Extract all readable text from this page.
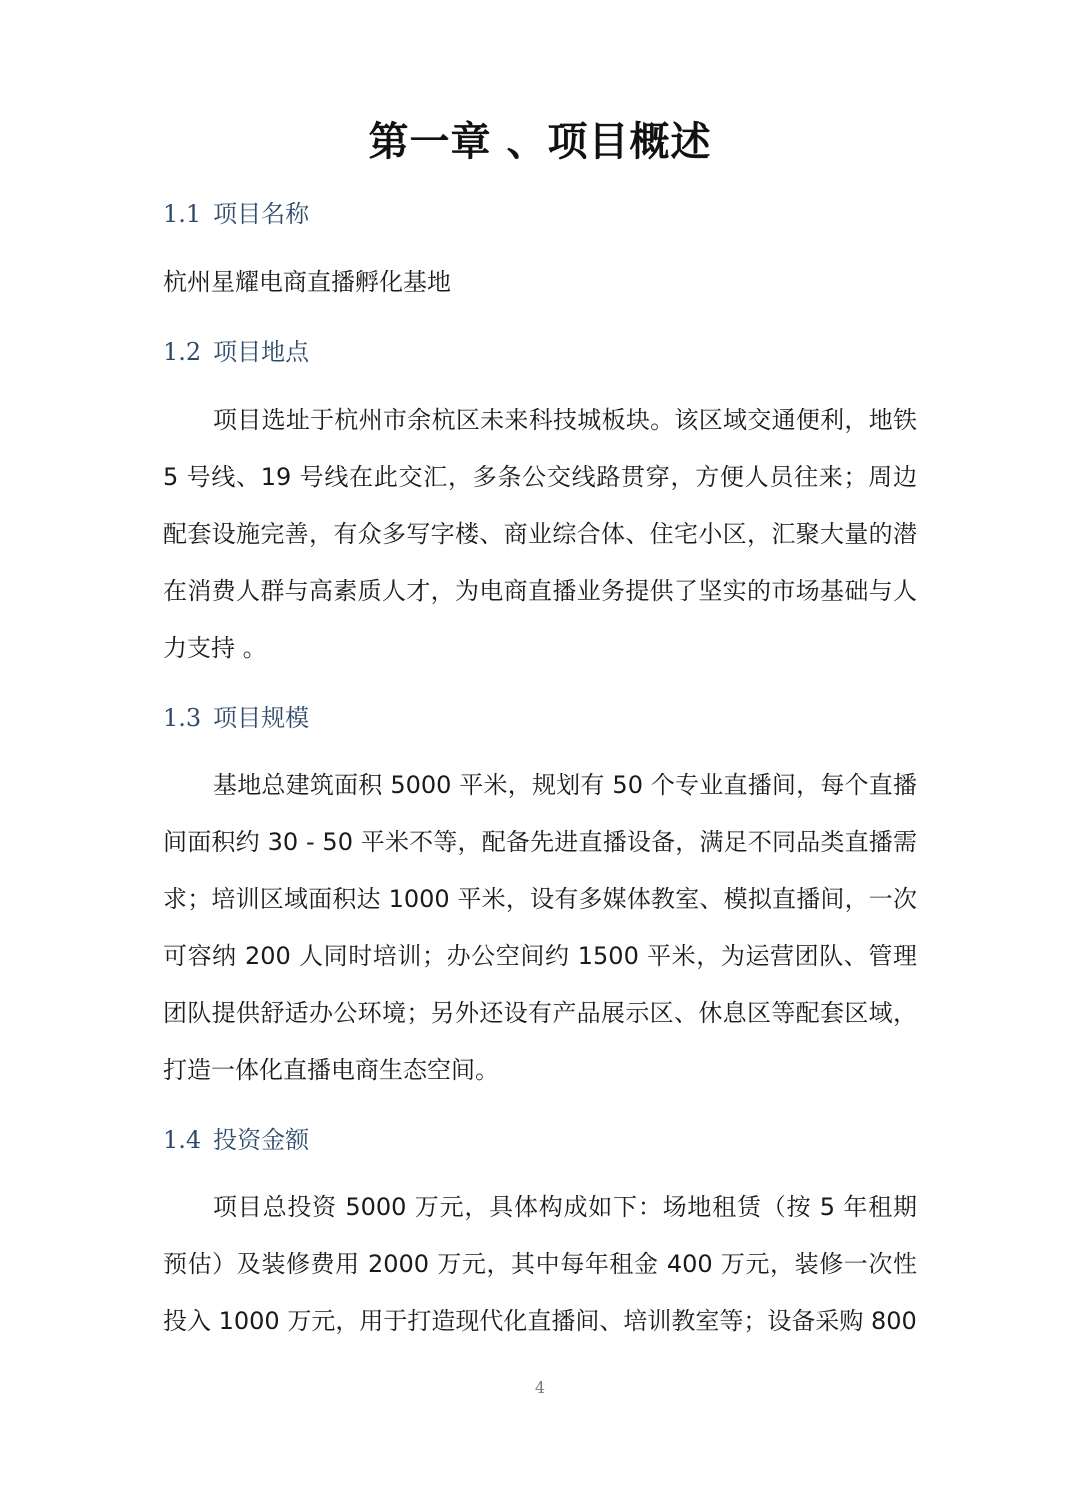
第一章 、项目概述
1.1 项目名称
杭州星耀电商直播孵化基地
1.2 项目地点

项目选址于杭州市余杭区未来科技城板块。该区域交通便利，地铁 5 号线、19 号线在此交汇，多条公交线路贯穿，方便人员往来；周边配套设施完善，有众多写字楼、商业综合体、住宅小区，汇聚大量的潜在消费人群与高素质人才，为电商直播业务提供了坚实的市场基础与人力支持 。

1.3 项目规模

基地总建筑面积 5000 平米，规划有 50 个专业直播间，每个直播间面积约 30 - 50 平米不等，配备先进直播设备，满足不同品类直播需求；培训区域面积达 1000 平米，设有多媒体教室、模拟直播间，一次可容纳 200 人同时培训；办公空间约 1500 平米，为运营团队、管理团队提供舒适办公环境；另外还设有产品展示区、休息区等配套区域，打造一体化直播电商生态空间。

1.4 投资金额

项目总投资 5000 万元，具体构成如下：场地租赁（按 5 年租期预估）及装修费用 2000 万元，其中每年租金 400 万元，装修一次性投入 1000 万元，用于打造现代化直播间、培训教室等；设备采购 800

4
